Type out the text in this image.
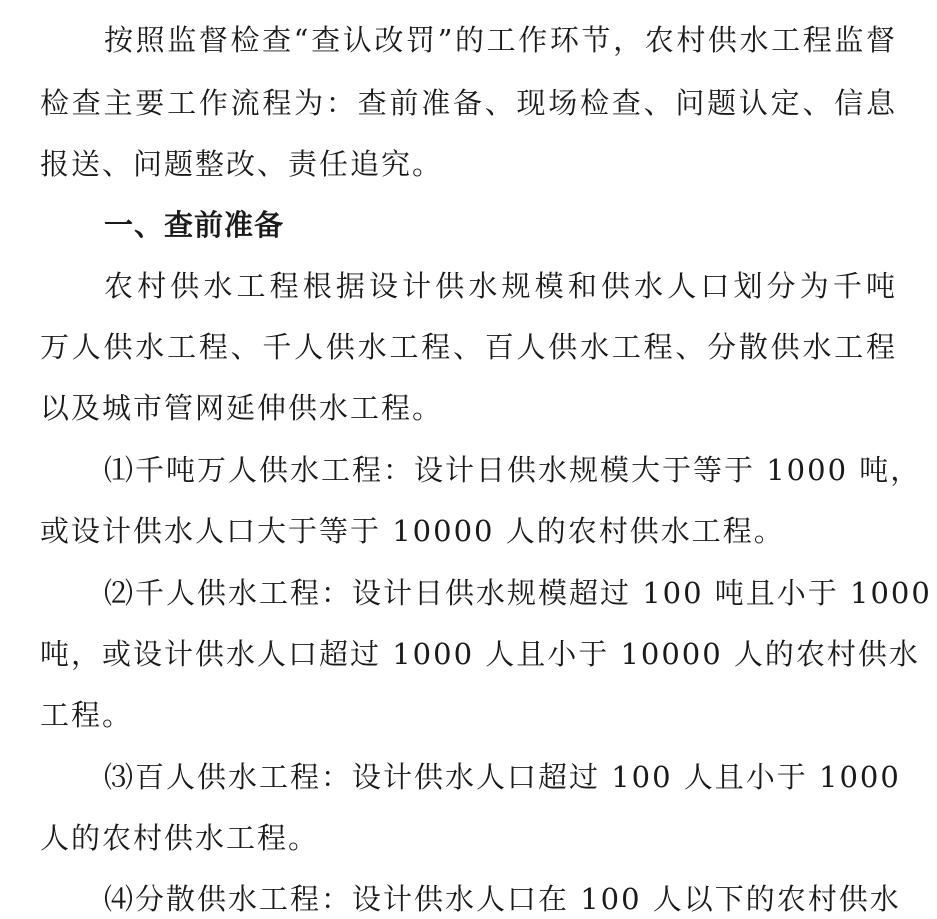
按照监督检查“查认改罚”的工作环节，农村供水工程监督
检查主要工作流程为：查前准备、现场检查、问题认定、信息
报送、问题整改、责任追究。
一、查前准备
农村供水工程根据设计供水规模和供水人口划分为千吨
万人供水工程、千人供水工程、百人供水工程、分散供水工程
以及城市管网延伸供水工程。
⑴千吨万人供水工程：设计日供水规模大于等于 1000 吨，
或设计供水人口大于等于 10000 人的农村供水工程。
⑵千人供水工程：设计日供水规模超过 100 吨且小于 1000
吨，或设计供水人口超过 1000 人且小于 10000 人的农村供水
工程。
⑶百人供水工程：设计供水人口超过 100 人且小于 1000
人的农村供水工程。
⑷分散供水工程：设计供水人口在 100 人以下的农村供水
